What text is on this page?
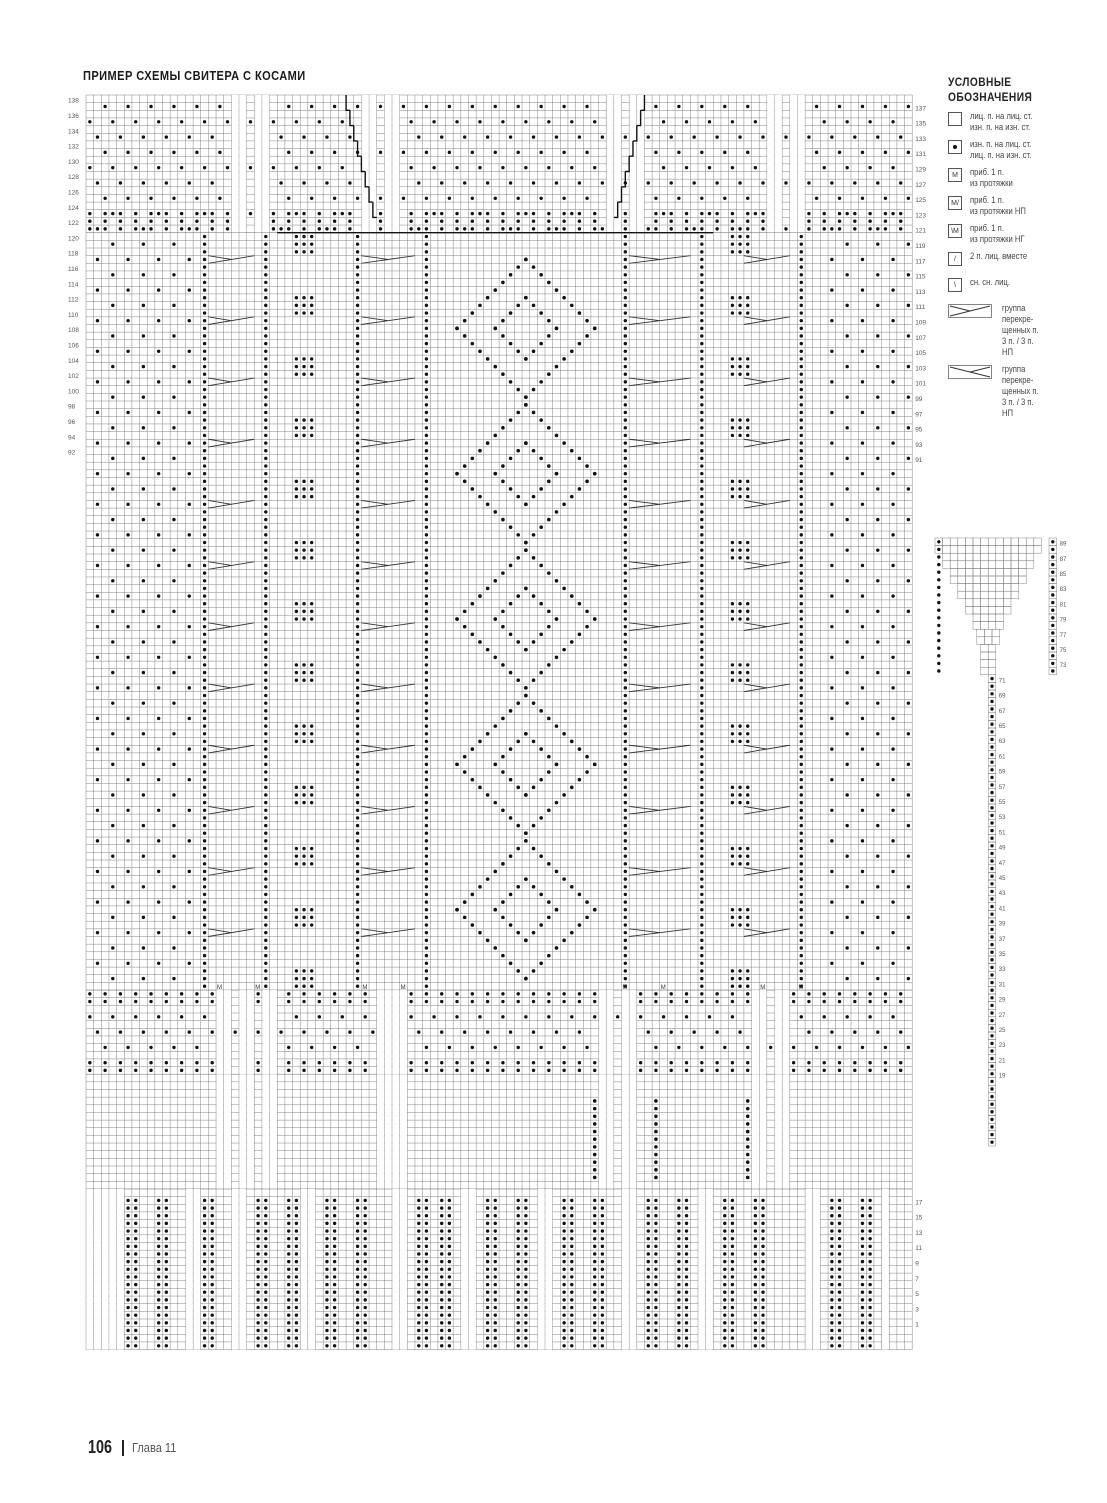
ПРИМЕР СХЕМЫ СВИТЕРА С КОСАМИ
M	M	M	M	M	M	M	M
138
136
134
132
130
128
126
124
122
120
118
116
114
112
110
108
106
104
102
100
98
96
94
92
137
135
133
131
129
127
125
123
121
119
117
115
113
111
109
107
105
103
101
99
97
95
93
91
17
15
13
11
9
7
5
3
1
89
87
85
83
81
79
77
75
73
71
69
67
65
63
61
59
57
55
53
51
49
47
45
43
41
39
37
35
33
31
29
27
25
23
21
19
УСЛОВНЫЕ
ОБОЗНАЧЕНИЯ
лиц. п. на лиц. ст.
изн. п. на изн. ст.
изн. п. на лиц. ст.
лиц. п. на изн. ст.
M	приб. 1 п.
из протяжки
M/	приб. 1 п.
из протяжки НП
\M	приб. 1 п.
из протяжки НГ
/	2 п. лиц. вместе
\	сн. сн. лиц.
группа
перекре-
щенных п.
3 п. / 3 п.
НП
группа
перекре-
щенных п.
3 п. / 3 п.
НП
106 Глава 11
